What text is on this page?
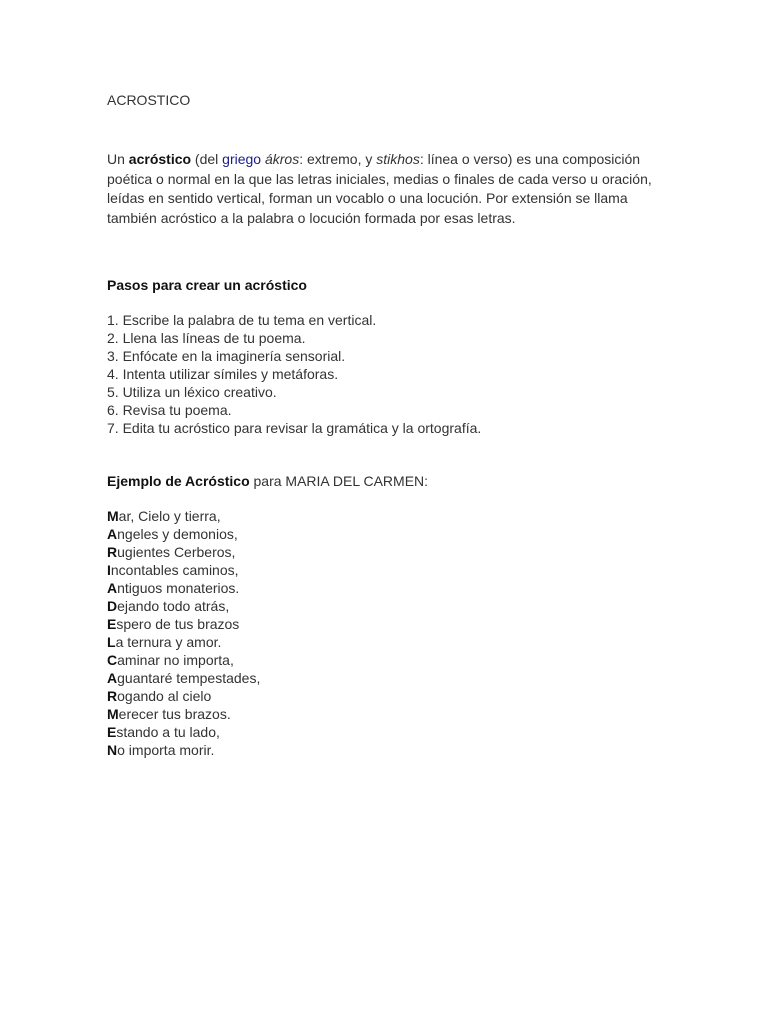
ACROSTICO
Un acróstico (del griego ákros: extremo, y stikhos: línea o verso) es una composición poética o normal en la que las letras iniciales, medias o finales de cada verso u oración, leídas en sentido vertical, forman un vocablo o una locución. Por extensión se llama también acróstico a la palabra o locución formada por esas letras.
Pasos para crear un acróstico
1. Escribe la palabra de tu tema en vertical.
2. Llena las líneas de tu poema.
3. Enfócate en la imaginería sensorial.
4. Intenta utilizar símiles y metáforas.
5. Utiliza un léxico creativo.
6. Revisa tu poema.
7. Edita tu acróstico para revisar la gramática y la ortografía.
Ejemplo de Acróstico para MARIA DEL CARMEN:
Mar, Cielo y tierra,
Angeles y demonios,
Rugientes Cerberos,
Incontables caminos,
Antiguos monaterios.
Dejando todo atrás,
Espero de tus brazos
La ternura y amor.
Caminar no importa,
Aguantaré tempestades,
Rogando al cielo
Merecer tus brazos.
Estando a tu lado,
No importa morir.
